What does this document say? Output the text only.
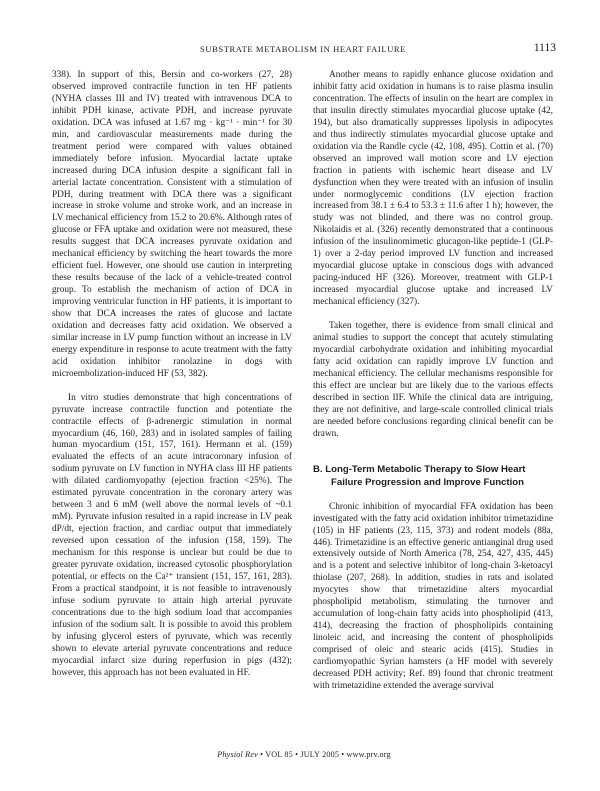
SUBSTRATE METABOLISM IN HEART FAILURE	1113

338). In support of this, Bersin and co-workers (27, 28) observed improved contractile function in ten HF patients (NYHA classes III and IV) treated with intravenous DCA to inhibit PDH kinase, activate PDH, and increase pyruvate oxidation. DCA was infused at 1.67 mg · kg⁻¹ · min⁻¹ for 30 min, and cardiovascular measurements made during the treatment period were compared with values obtained immediately before infusion. Myocardial lactate uptake increased during DCA infusion despite a significant fall in arterial lactate concentration. Consistent with a stimulation of PDH, during treatment with DCA there was a significant increase in stroke volume and stroke work, and an increase in LV mechanical efficiency from 15.2 to 20.6%. Although rates of glucose or FFA uptake and oxidation were not measured, these results suggest that DCA increases pyruvate oxidation and mechanical efficiency by switching the heart towards the more efficient fuel. However, one should use caution in interpreting these results because of the lack of a vehicle-treated control group. To establish the mechanism of action of DCA in improving ventricular function in HF patients, it is important to show that DCA increases the rates of glucose and lactate oxidation and decreases fatty acid oxidation. We observed a similar increase in LV pump function without an increase in LV energy expenditure in response to acute treatment with the fatty acid oxidation inhibitor ranolazine in dogs with microembolization-induced HF (53, 382).

In vitro studies demonstrate that high concentrations of pyruvate increase contractile function and potentiate the contractile effects of β-adrenergic stimulation in normal myocardium (46, 160, 283) and in isolated samples of failing human myocardium (151, 157, 161). Hermann et al. (159) evaluated the effects of an acute intracoronary infusion of sodium pyruvate on LV function in NYHA class III HF patients with dilated cardiomyopathy (ejection fraction <25%). The estimated pyruvate concentration in the coronary artery was between 3 and 6 mM (well above the normal levels of ~0.1 mM). Pyruvate infusion resulted in a rapid increase in LV peak dP/dt, ejection fraction, and cardiac output that immediately reversed upon cessation of the infusion (158, 159). The mechanism for this response is unclear but could be due to greater pyruvate oxidation, increased cytosolic phosphorylation potential, or effects on the Ca²⁺ transient (151, 157, 161, 283). From a practical standpoint, it is not feasible to intravenously infuse sodium pyruvate to attain high arterial pyruvate concentrations due to the high sodium load that accompanies infusion of the sodium salt. It is possible to avoid this problem by infusing glycerol esters of pyruvate, which was recently shown to elevate arterial pyruvate concentrations and reduce myocardial infarct size during reperfusion in pigs (432); however, this approach has not been evaluated in HF.

Another means to rapidly enhance glucose oxidation and inhibit fatty acid oxidation in humans is to raise plasma insulin concentration. The effects of insulin on the heart are complex in that insulin directly stimulates myocardial glucose uptake (42, 194), but also dramatically suppresses lipolysis in adipocytes and thus indirectly stimulates myocardial glucose uptake and oxidation via the Randle cycle (42, 108, 495). Cottin et al. (70) observed an improved wall motion score and LV ejection fraction in patients with ischemic heart disease and LV dysfunction when they were treated with an infusion of insulin under normoglycemic conditions (LV ejection fraction increased from 38.1 ± 6.4 to 53.3 ± 11.6 after 1 h); however, the study was not blinded, and there was no control group. Nikolaidis et al. (326) recently demonstrated that a continuous infusion of the insulinomimetic glucagon-like peptide-1 (GLP-1) over a 2-day period improved LV function and increased myocardial glucose uptake in conscious dogs with advanced pacing-induced HF (326). Moreover, treatment with GLP-1 increased myocardial glucose uptake and increased LV mechanical efficiency (327).

Taken together, there is evidence from small clinical and animal studies to support the concept that acutely stimulating myocardial carbohydrate oxidation and inhibiting myocardial fatty acid oxidation can rapidly improve LV function and mechanical efficiency. The cellular mechanisms responsible for this effect are unclear but are likely due to the various effects described in section IIF. While the clinical data are intriguing, they are not definitive, and large-scale controlled clinical trials are needed before conclusions regarding clinical benefit can be drawn.

B. Long-Term Metabolic Therapy to Slow Heart
Failure Progression and Improve Function

Chronic inhibition of myocardial FFA oxidation has been investigated with the fatty acid oxidation inhibitor trimetazidine (105) in HF patients (23, 115, 373) and rodent models (88a, 446). Trimetazidine is an effective generic antianginal drug used extensively outside of North America (78, 254, 427, 435, 445) and is a potent and selective inhibitor of long-chain 3-ketoacyl thiolase (207, 268). In addition, studies in rats and isolated myocytes show that trimetazidine alters myocardial phospholipid metabolism, stimulating the turnover and accumulation of long-chain fatty acids into phospholipid (413, 414), decreasing the fraction of phospholipids containing linoleic acid, and increasing the content of phospholipids comprised of oleic and stearic acids (415). Studies in cardiomyopathic Syrian hamsters (a HF model with severely decreased PDH activity; Ref. 89) found that chronic treatment with trimetazidine extended the average survival

Physiol Rev • VOL 85 • JULY 2005 • www.prv.org
